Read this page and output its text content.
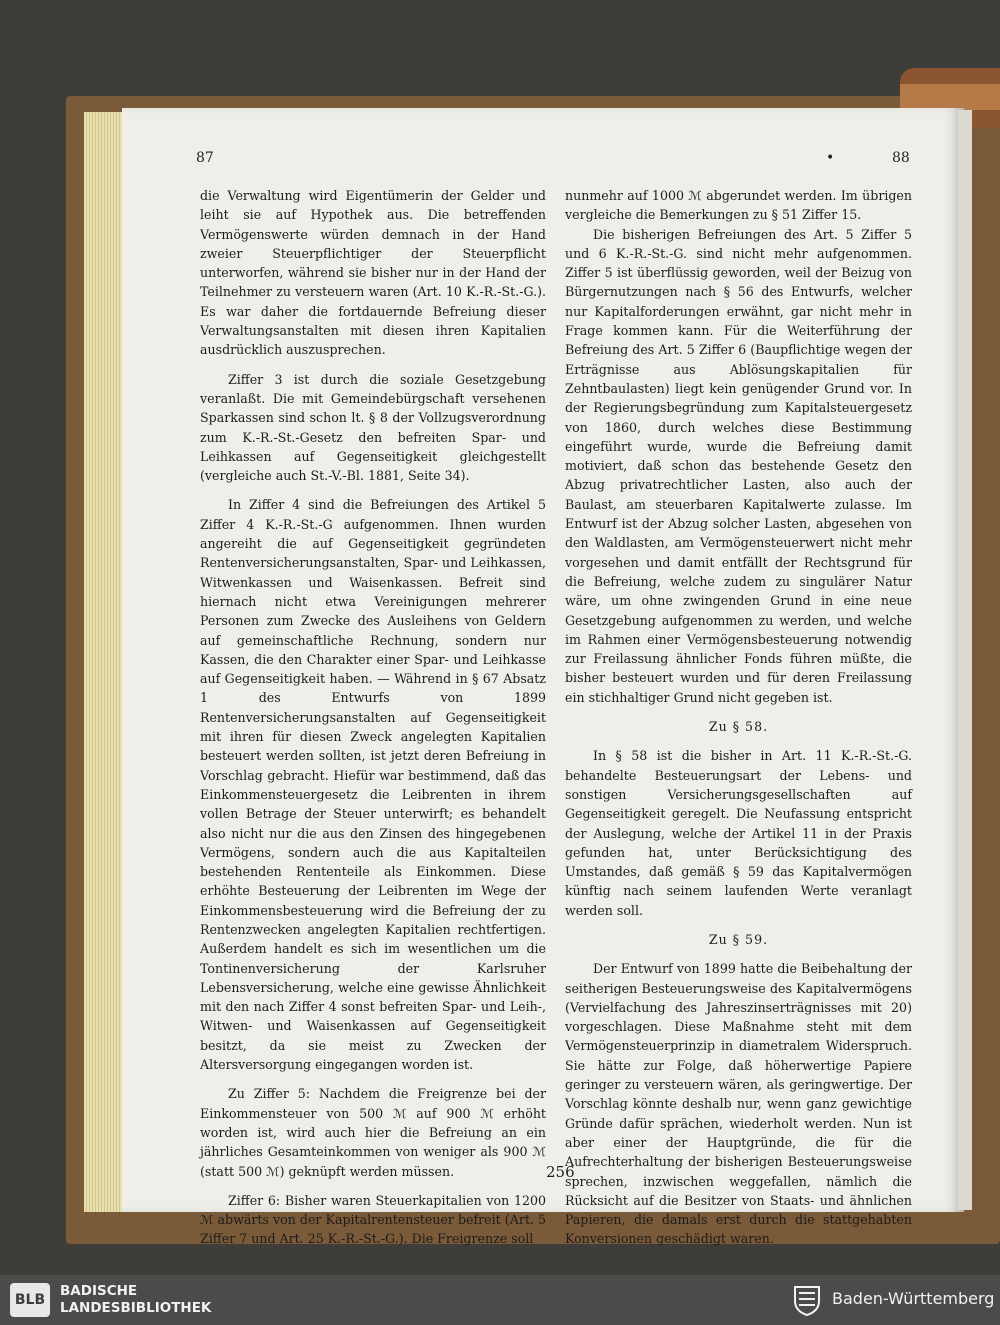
87	•	88

die Verwaltung wird Eigentümerin der Gelder und leiht sie auf Hypothek aus. Die betreffenden Vermögenswerte würden demnach in der Hand zweier Steuerpflichtiger der Steuerpflicht unterworfen, während sie bisher nur in der Hand der Teilnehmer zu versteuern waren (Art. 10 K.-R.-St.-G.). Es war daher die fortdauernde Befreiung dieser Verwaltungsanstalten mit diesen ihren Kapitalien ausdrücklich auszusprechen.

Ziffer 3 ist durch die soziale Gesetzgebung veranlaßt. Die mit Gemeindebürgschaft versehenen Sparkassen sind schon lt. § 8 der Vollzugsverordnung zum K.-R.-St.-Gesetz den befreiten Spar- und Leihkassen auf Gegenseitigkeit gleichgestellt (vergleiche auch St.-V.-Bl. 1881, Seite 34).

In Ziffer 4 sind die Befreiungen des Artikel 5 Ziffer 4 K.-R.-St.-G aufgenommen. Ihnen wurden angereiht die auf Gegenseitigkeit gegründeten Rentenversicherungsanstalten, Spar- und Leihkassen, Witwenkassen und Waisenkassen. Befreit sind hiernach nicht etwa Vereinigungen mehrerer Personen zum Zwecke des Ausleihens von Geldern auf gemeinschaftliche Rechnung, sondern nur Kassen, die den Charakter einer Spar- und Leihkasse auf Gegenseitigkeit haben. — Während in § 67 Absatz 1 des Entwurfs von 1899 Rentenversicherungsanstalten auf Gegenseitigkeit mit ihren für diesen Zweck angelegten Kapitalien besteuert werden sollten, ist jetzt deren Befreiung in Vorschlag gebracht. Hiefür war bestimmend, daß das Einkommensteuergesetz die Leibrenten in ihrem vollen Betrage der Steuer unterwirft; es behandelt also nicht nur die aus den Zinsen des hingegebenen Vermögens, sondern auch die aus Kapitalteilen bestehenden Rententeile als Einkommen. Diese erhöhte Besteuerung der Leibrenten im Wege der Einkommensbesteuerung wird die Befreiung der zu Rentenzwecken angelegten Kapitalien rechtfertigen. Außerdem handelt es sich im wesentlichen um die Tontinenversicherung der Karlsruher Lebensversicherung, welche eine gewisse Ähnlichkeit mit den nach Ziffer 4 sonst befreiten Spar- und Leih-, Witwen- und Waisenkassen auf Gegenseitigkeit besitzt, da sie meist zu Zwecken der Altersversorgung eingegangen worden ist.

Zu Ziffer 5: Nachdem die Freigrenze bei der Einkommensteuer von 500 ℳ auf 900 ℳ erhöht worden ist, wird auch hier die Befreiung an ein jährliches Gesamteinkommen von weniger als 900 ℳ (statt 500 ℳ) geknüpft werden müssen.

Ziffer 6: Bisher waren Steuerkapitalien von 1200 ℳ abwärts von der Kapitalrentensteuer befreit (Art. 5 Ziffer 7 und Art. 25 K.-R.-St.-G.). Die Freigrenze soll

nunmehr auf 1000 ℳ abgerundet werden. Im übrigen vergleiche die Bemerkungen zu § 51 Ziffer 15.

Die bisherigen Befreiungen des Art. 5 Ziffer 5 und 6 K.-R.-St.-G. sind nicht mehr aufgenommen. Ziffer 5 ist überflüssig geworden, weil der Beizug von Bürgernutzungen nach § 56 des Entwurfs, welcher nur Kapitalforderungen erwähnt, gar nicht mehr in Frage kommen kann. Für die Weiterführung der Befreiung des Art. 5 Ziffer 6 (Baupflichtige wegen der Erträgnisse aus Ablösungskapitalien für Zehntbaulasten) liegt kein genügender Grund vor. In der Regierungsbegründung zum Kapitalsteuergesetz von 1860, durch welches diese Bestimmung eingeführt wurde, wurde die Befreiung damit motiviert, daß schon das bestehende Gesetz den Abzug privatrechtlicher Lasten, also auch der Baulast, am steuerbaren Kapitalwerte zulasse. Im Entwurf ist der Abzug solcher Lasten, abgesehen von den Waldlasten, am Vermögensteuerwert nicht mehr vorgesehen und damit entfällt der Rechtsgrund für die Befreiung, welche zudem zu singulärer Natur wäre, um ohne zwingenden Grund in eine neue Gesetzgebung aufgenommen zu werden, und welche im Rahmen einer Vermögensbesteuerung notwendig zur Freilassung ähnlicher Fonds führen müßte, die bisher besteuert wurden und für deren Freilassung ein stichhaltiger Grund nicht gegeben ist.

Zu § 58.

In § 58 ist die bisher in Art. 11 K.-R.-St.-G. behandelte Besteuerungsart der Lebens- und sonstigen Versicherungsgesellschaften auf Gegenseitigkeit geregelt. Die Neufassung entspricht der Auslegung, welche der Artikel 11 in der Praxis gefunden hat, unter Berücksichtigung des Umstandes, daß gemäß § 59 das Kapitalvermögen künftig nach seinem laufenden Werte veranlagt werden soll.

Zu § 59.

Der Entwurf von 1899 hatte die Beibehaltung der seitherigen Besteuerungsweise des Kapitalvermögens (Vervielfachung des Jahreszinserträgnisses mit 20) vorgeschlagen. Diese Maßnahme steht mit dem Vermögensteuerprinzip in diametralem Widerspruch. Sie hätte zur Folge, daß höherwertige Papiere geringer zu versteuern wären, als geringwertige. Der Vorschlag könnte deshalb nur, wenn ganz gewichtige Gründe dafür sprächen, wiederholt werden. Nun ist aber einer der Hauptgründe, die für die Aufrechterhaltung der bisherigen Besteuerungsweise sprechen, inzwischen weggefallen, nämlich die Rücksicht auf die Besitzer von Staats- und ähnlichen Papieren, die damals erst durch die stattgehabten Konversionen geschädigt waren.

256
BLB
BADISCHE
LANDESBIBLIOTHEK	Baden-Württemberg
